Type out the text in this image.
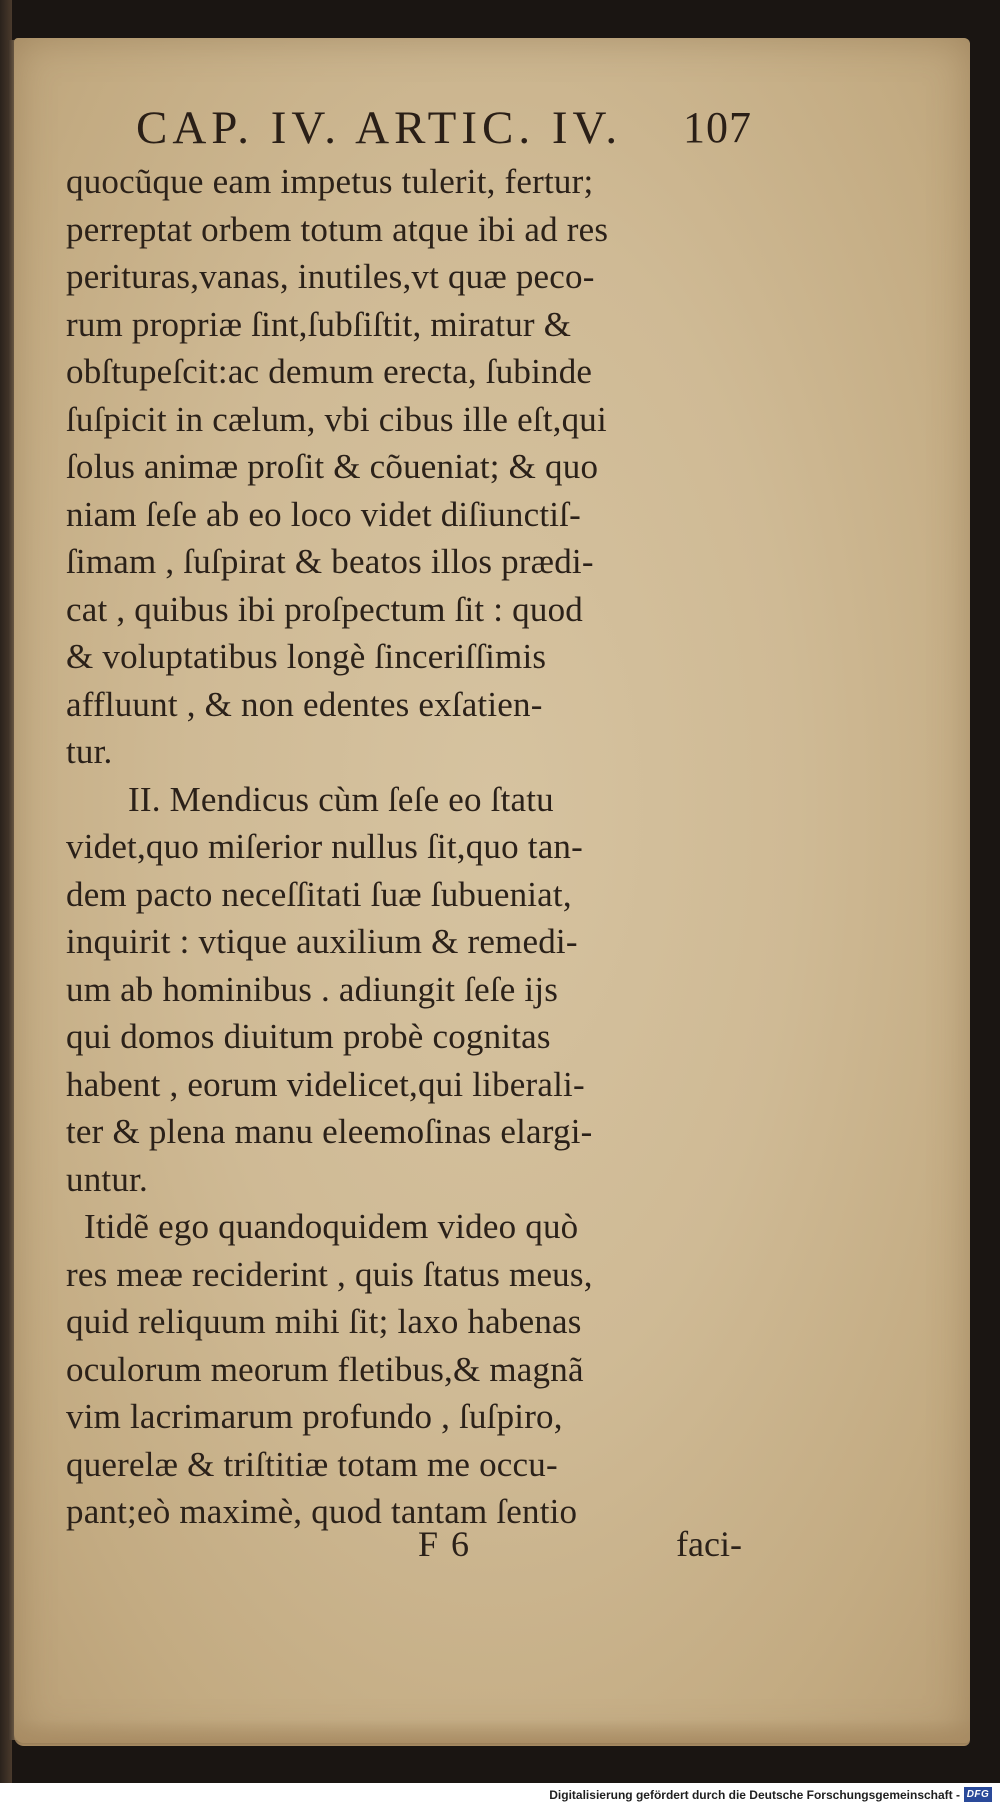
CAP. IV. ARTIC. IV. 107
quocũque eam impetus tulerit, fertur;
perreptat orbem totum atque ibi ad res
perituras,vanas, inutiles,vt quæ peco-
rum propriæ ſint,ſubſiſtit, miratur &
obſtupeſcit:ac demum erecta, ſubinde
ſuſpicit in cælum, vbi cibus ille eſt,qui
ſolus animæ proſit & cõueniat; & quo
niam ſeſe ab eo loco videt diſiunctiſ-
ſimam , ſuſpirat & beatos illos prædi-
cat , quibus ibi proſpectum ſit : quod
& voluptatibus longè ſinceriſſimis
affluunt , & non edentes exſatien-
tur.
II. Mendicus cùm ſeſe eo ſtatu
videt,quo miſerior nullus ſit,quo tan-
dem pacto neceſſitati ſuæ ſubueniat,
inquirit : vtique auxilium & remedi-
um ab hominibus . adiungit ſeſe ijs
qui domos diuitum probè cognitas
habent , eorum videlicet,qui liberali-
ter & plena manu eleemoſinas elargi-
untur.
Itidẽ ego quandoquidem video quò
res meæ reciderint , quis ſtatus meus,
quid reliquum mihi ſit; laxo habenas
oculorum meorum fletibus,& magnã
vim lacrimarum profundo , ſuſpiro,
querelæ & triſtitiæ totam me occu-
pant;eò maximè, quod tantam ſentio
F 6	faci-
Digitalisierung gefördert durch die Deutsche Forschungsgemeinschaft - DFG
